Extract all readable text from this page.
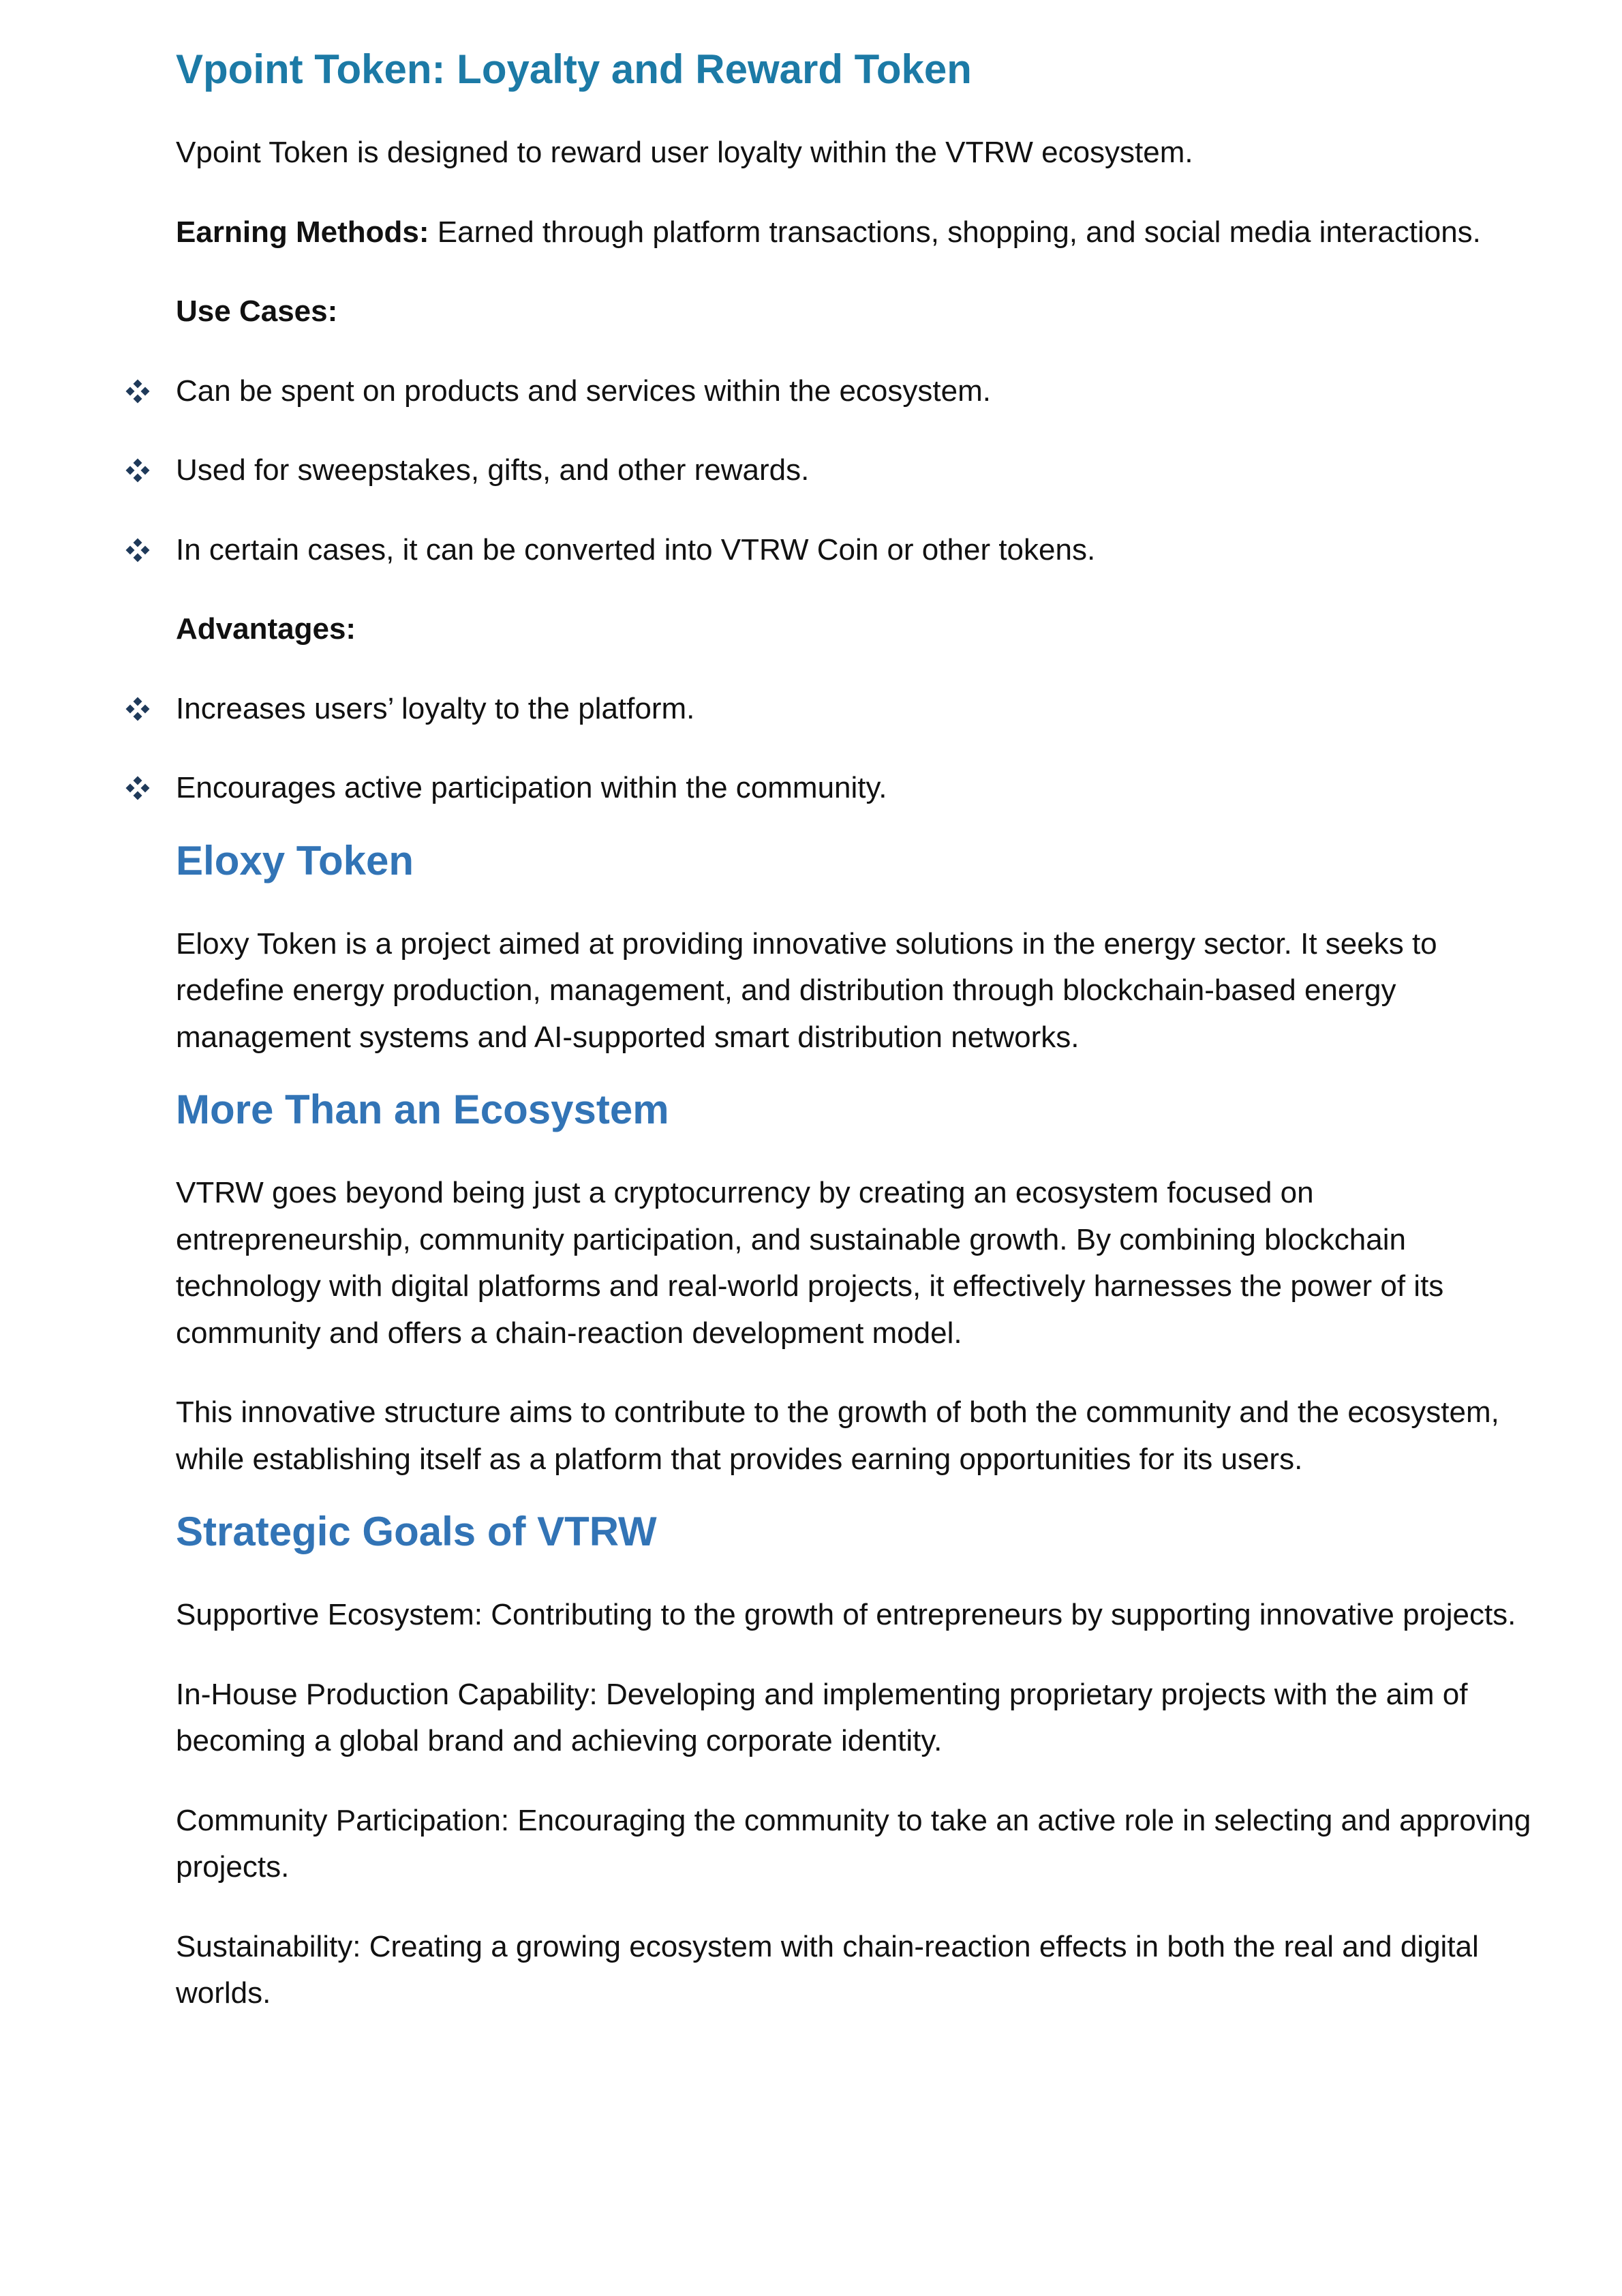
Vpoint Token: Loyalty and Reward Token

Vpoint Token is designed to reward user loyalty within the VTRW ecosystem.

Earning Methods: Earned through platform transactions, shopping, and social media interactions.

Use Cases:

Can be spent on products and services within the ecosystem.
Used for sweepstakes, gifts, and other rewards.
In certain cases, it can be converted into VTRW Coin or other tokens.

Advantages:

Increases users’ loyalty to the platform.
Encourages active participation within the community.
Eloxy Token

Eloxy Token is a project aimed at providing innovative solutions in the energy sector. It seeks to redefine energy production, management, and distribution through blockchain-based energy management systems and AI-supported smart distribution networks.

More Than an Ecosystem

VTRW goes beyond being just a cryptocurrency by creating an ecosystem focused on entrepreneurship, community participation, and sustainable growth. By combining blockchain technology with digital platforms and real-world projects, it effectively harnesses the power of its community and offers a chain-reaction development model.

This innovative structure aims to contribute to the growth of both the community and the ecosystem, while establishing itself as a platform that provides earning opportunities for its users.

Strategic Goals of VTRW

Supportive Ecosystem: Contributing to the growth of entrepreneurs by supporting innovative projects.

In-House Production Capability: Developing and implementing proprietary projects with the aim of becoming a global brand and achieving corporate identity.

Community Participation: Encouraging the community to take an active role in selecting and approving projects.

Sustainability: Creating a growing ecosystem with chain-reaction effects in both the real and digital worlds.
